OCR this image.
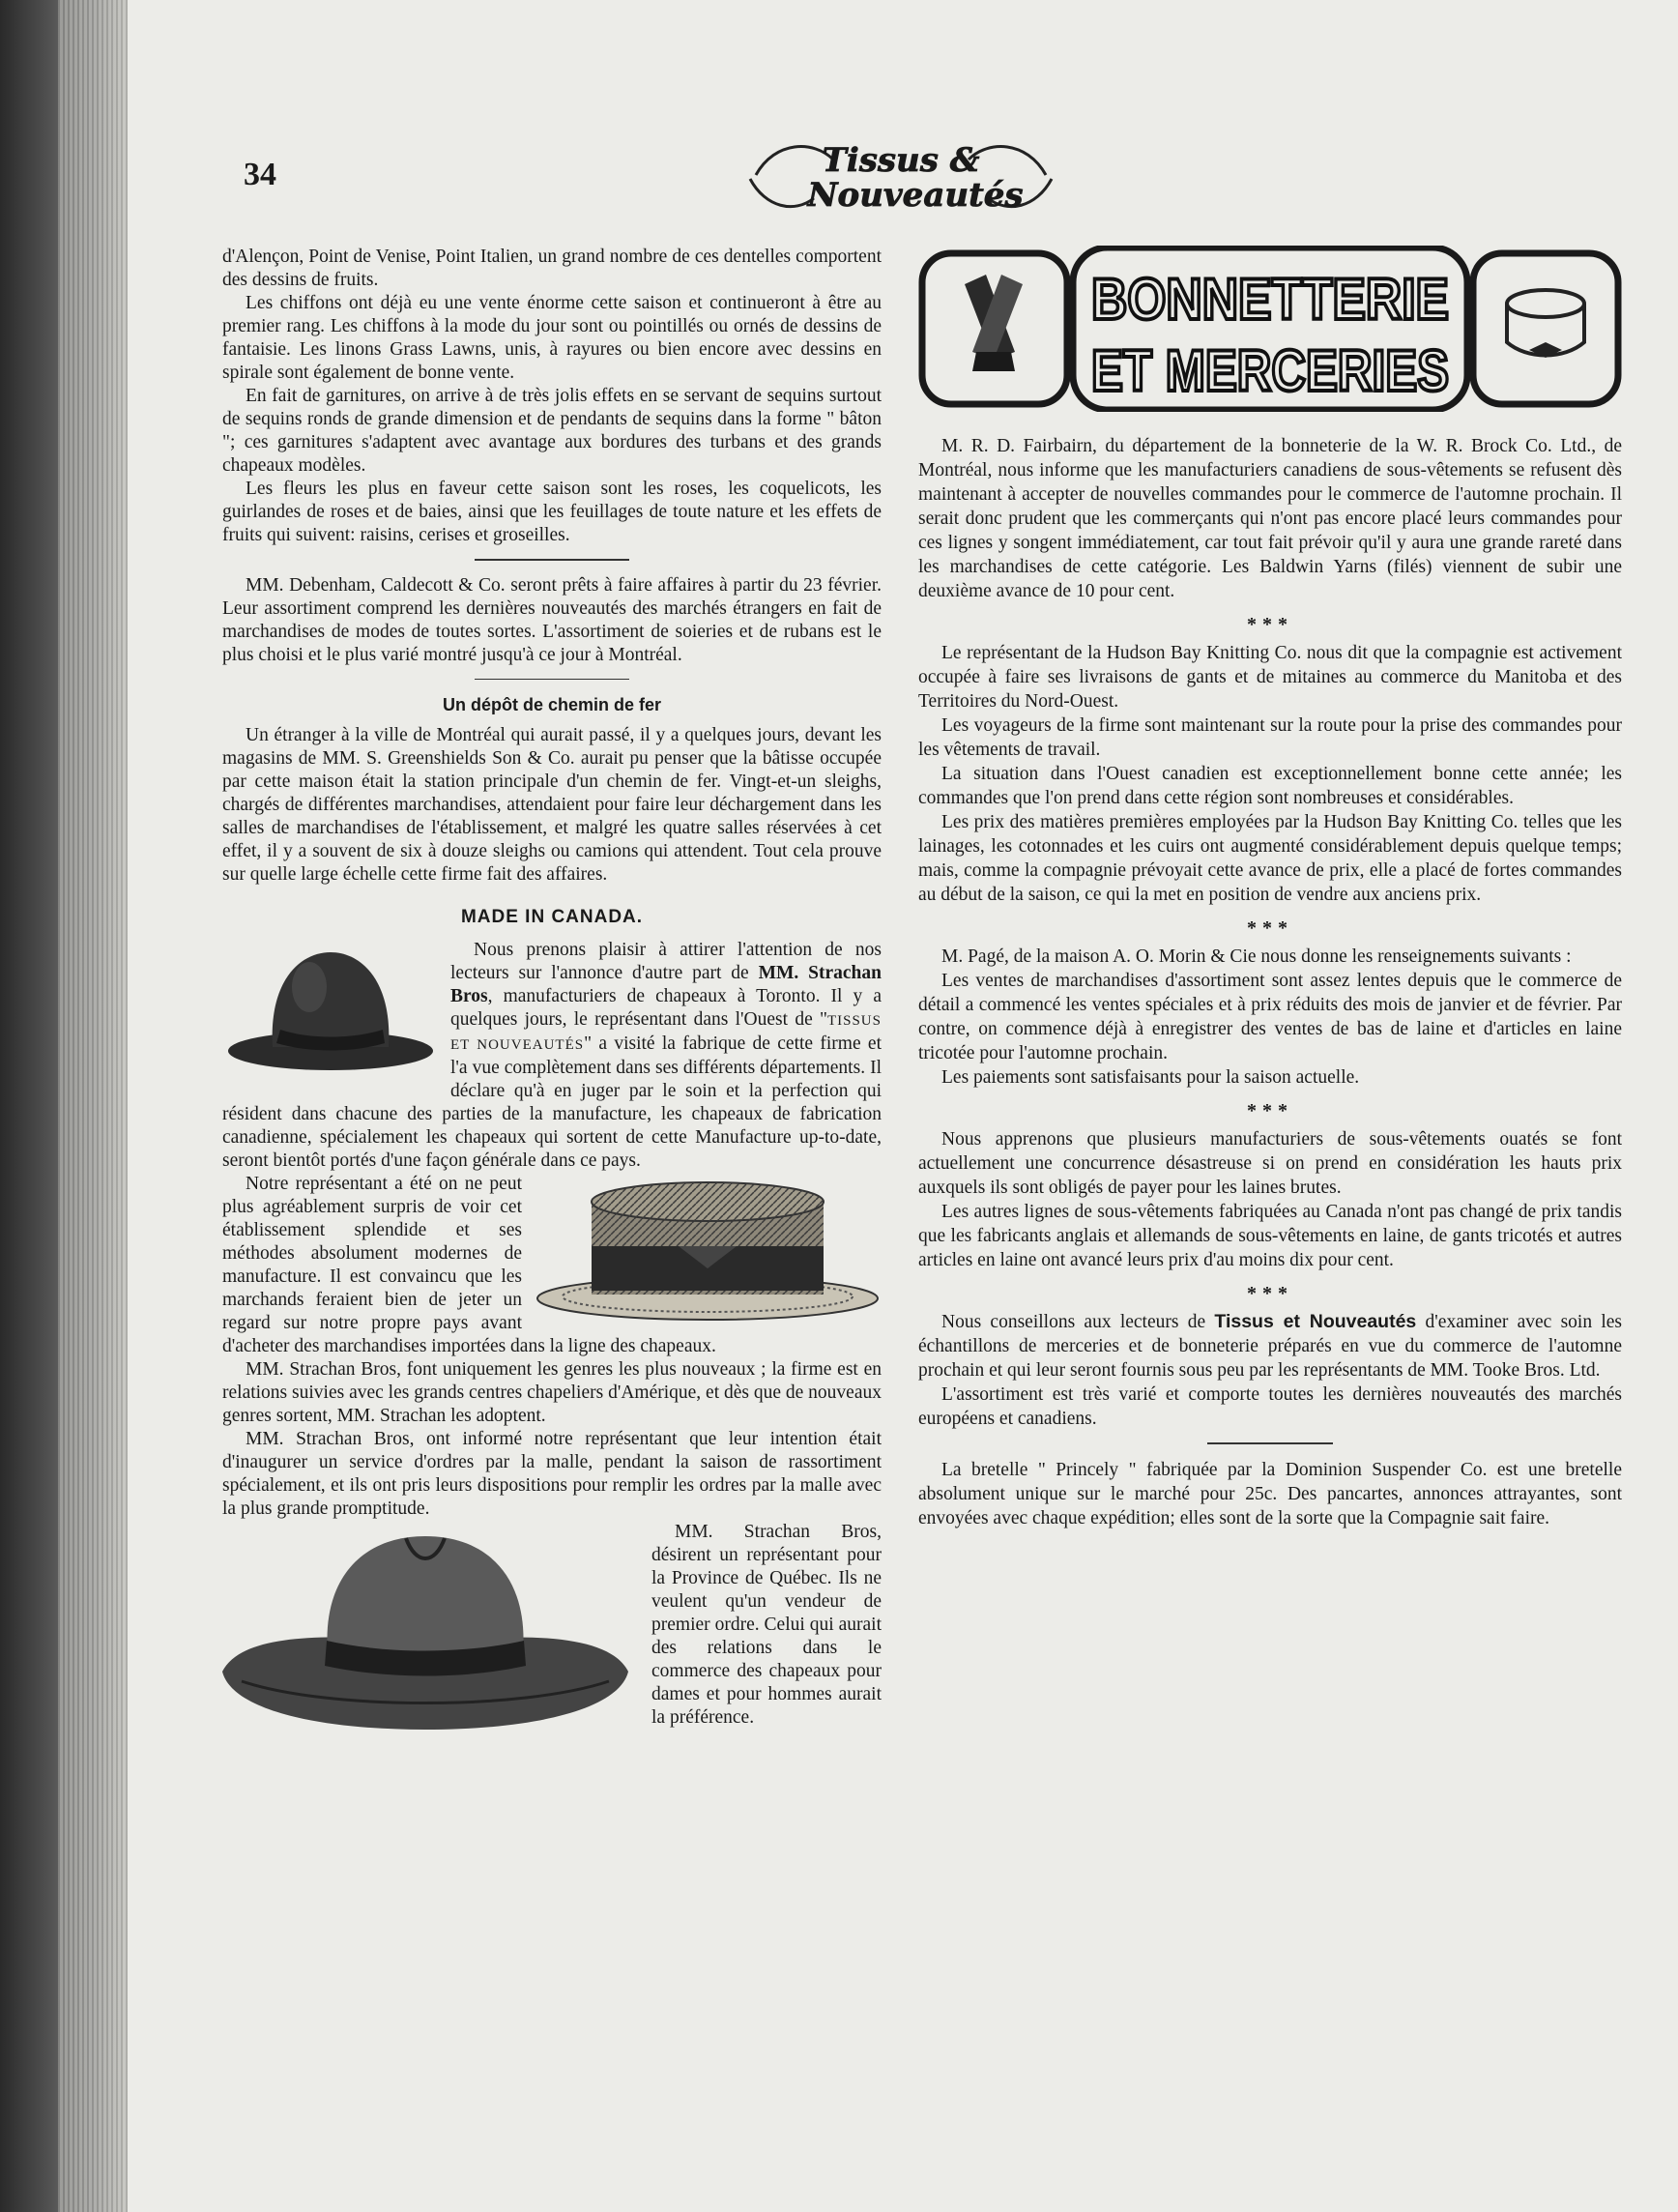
34	Tissus &
Nouveautés

d'Alençon, Point de Venise, Point Italien, un grand nombre de ces dentelles comportent des dessins de fruits.

Les chiffons ont déjà eu une vente énorme cette saison et continueront à être au premier rang. Les chiffons à la mode du jour sont ou pointillés ou ornés de dessins de fantaisie. Les linons Grass Lawns, unis, à rayures ou bien encore avec dessins en spirale sont également de bonne vente.

En fait de garnitures, on arrive à de très jolis effets en se servant de sequins surtout de sequins ronds de grande dimension et de pendants de sequins dans la forme " bâton "; ces garnitures s'adaptent avec avantage aux bordures des turbans et des grands chapeaux modèles.

Les fleurs les plus en faveur cette saison sont les roses, les coquelicots, les guirlandes de roses et de baies, ainsi que les feuillages de toute nature et les effets de fruits qui suivent: raisins, cerises et groseilles.

MM. Debenham, Caldecott & Co. seront prêts à faire affaires à partir du 23 février. Leur assortiment comprend les dernières nouveautés des marchés étrangers en fait de marchandises de modes de toutes sortes. L'assortiment de soieries et de rubans est le plus choisi et le plus varié montré jusqu'à ce jour à Montréal.

Un dépôt de chemin de fer

Un étranger à la ville de Montréal qui aurait passé, il y a quelques jours, devant les magasins de MM. S. Greenshields Son & Co. aurait pu penser que la bâtisse occupée par cette maison était la station principale d'un chemin de fer. Vingt-et-un sleighs, chargés de différentes marchandises, attendaient pour faire leur déchargement dans les salles de marchandises de l'établissement, et malgré les quatre salles réservées à cet effet, il y a souvent de six à douze sleighs ou camions qui attendent. Tout cela prouve sur quelle large échelle cette firme fait des affaires.

MADE IN CANADA.

Nous prenons plaisir à attirer l'attention de nos lecteurs sur l'annonce d'autre part de MM. Strachan Bros, manufacturiers de chapeaux à Toronto. Il y a quelques jours, le représentant dans l'Ouest de "TISSUS ET NOUVEAUTÉS" a visité la fabrique de cette firme et l'a vue complètement dans ses différents départements. Il déclare qu'à en juger par le soin et la perfection qui résident dans chacune des parties de la manufacture, les chapeaux de fabrication canadienne, spécialement les chapeaux qui sortent de cette Manufacture up-to-date, seront bientôt portés d'une façon générale dans ce pays.

Notre représentant a été on ne peut plus agréablement surpris de voir cet établissement splendide et ses méthodes absolument modernes de manufacture. Il est convaincu que les marchands feraient bien de jeter un regard sur notre propre pays avant d'acheter des marchandises importées dans la ligne des chapeaux.

MM. Strachan Bros, font uniquement les genres les plus nouveaux ; la firme est en relations suivies avec les grands centres chapeliers d'Amérique, et dès que de nouveaux genres sortent, MM. Strachan les adoptent.

MM. Strachan Bros, ont informé notre représentant que leur intention était d'inaugurer un service d'ordres par la malle, pendant la saison de rassortiment spécialement, et ils ont pris leurs dispositions pour remplir les ordres par la malle avec la plus grande promptitude.

MM. Strachan Bros, désirent un représentant pour la Province de Québec. Ils ne veulent qu'un vendeur de premier ordre. Celui qui aurait des relations dans le commerce des chapeaux pour dames et pour hommes aurait la préférence.

BONNETTERIE
ET MERCERIES

M. R. D. Fairbairn, du département de la bonneterie de la W. R. Brock Co. Ltd., de Montréal, nous informe que les manufacturiers canadiens de sous-vêtements se refusent dès maintenant à accepter de nouvelles commandes pour le commerce de l'automne prochain. Il serait donc prudent que les commerçants qui n'ont pas encore placé leurs commandes pour ces lignes y songent immédiatement, car tout fait prévoir qu'il y aura une grande rareté dans les marchandises de cette catégorie. Les Baldwin Yarns (filés) viennent de subir une deuxième avance de 10 pour cent.

***

Le représentant de la Hudson Bay Knitting Co. nous dit que la compagnie est activement occupée à faire ses livraisons de gants et de mitaines au commerce du Manitoba et des Territoires du Nord-Ouest.

Les voyageurs de la firme sont maintenant sur la route pour la prise des commandes pour les vêtements de travail.

La situation dans l'Ouest canadien est exceptionnellement bonne cette année; les commandes que l'on prend dans cette région sont nombreuses et considérables.

Les prix des matières premières employées par la Hudson Bay Knitting Co. telles que les lainages, les cotonnades et les cuirs ont augmenté considérablement depuis quelque temps; mais, comme la compagnie prévoyait cette avance de prix, elle a placé de fortes commandes au début de la saison, ce qui la met en position de vendre aux anciens prix.

***

M. Pagé, de la maison A. O. Morin & Cie nous donne les renseignements suivants :

Les ventes de marchandises d'assortiment sont assez lentes depuis que le commerce de détail a commencé les ventes spéciales et à prix réduits des mois de janvier et de février. Par contre, on commence déjà à enregistrer des ventes de bas de laine et d'articles en laine tricotée pour l'automne prochain.

Les paiements sont satisfaisants pour la saison actuelle.

***

Nous apprenons que plusieurs manufacturiers de sous-vêtements ouatés se font actuellement une concurrence désastreuse si on prend en considération les hauts prix auxquels ils sont obligés de payer pour les laines brutes.

Les autres lignes de sous-vêtements fabriquées au Canada n'ont pas changé de prix tandis que les fabricants anglais et allemands de sous-vêtements en laine, de gants tricotés et autres articles en laine ont avancé leurs prix d'au moins dix pour cent.

***

Nous conseillons aux lecteurs de Tissus et Nouveautés d'examiner avec soin les échantillons de merceries et de bonneterie préparés en vue du commerce de l'automne prochain et qui leur seront fournis sous peu par les représentants de MM. Tooke Bros. Ltd.

L'assortiment est très varié et comporte toutes les dernières nouveautés des marchés européens et canadiens.

La bretelle " Princely " fabriquée par la Dominion Suspender Co. est une bretelle absolument unique sur le marché pour 25c. Des pancartes, annonces attrayantes, sont envoyées avec chaque expédition; elles sont de la sorte que la Compagnie sait faire.
